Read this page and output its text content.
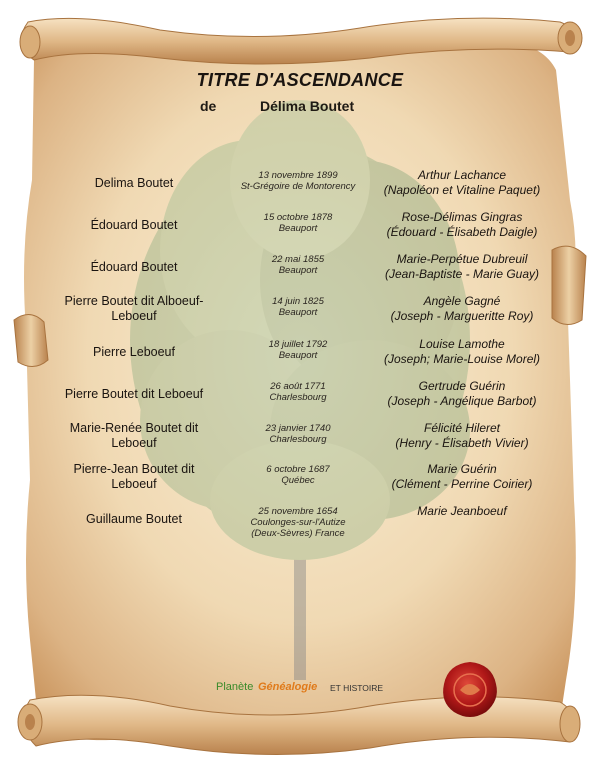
TITRE D'ASCENDANCE
de	Délima Boutet
Delima Boutet
13 novembre 1899
St-Grégoire de Montorency
Arthur Lachance
(Napoléon et Vitaline Paquet)
Édouard Boutet
15 octobre 1878
Beauport
Rose-Délimas Gingras
(Édouard - Élisabeth Daigle)
Édouard Boutet
22 mai 1855
Beauport
Marie-Perpétue Dubreuil
(Jean-Baptiste - Marie Guay)
Pierre Boutet dit Alboeuf-
Leboeuf
14 juin 1825
Beauport
Angèle Gagné
(Joseph - Margueritte Roy)
Pierre Leboeuf
18 juillet 1792
Beauport
Louise Lamothe
(Joseph; Marie-Louise Morel)
Pierre Boutet dit Leboeuf
26 août 1771
Charlesbourg
Gertrude Guérin
(Joseph - Angélique Barbot)
Marie-Renée Boutet dit
Leboeuf
23 janvier 1740
Charlesbourg
Félicité Hileret
(Henry - Élisabeth Vivier)
Pierre-Jean Boutet dit
Leboeuf
6 octobre 1687
Québec
Marie Guérin
(Clément - Perrine Coirier)
Guillaume Boutet
25 novembre 1654
Coulonges-sur-l'Autize
(Deux-Sèvres) France
Marie Jeanboeuf
Planète Généalogie ET HISTOIRE
